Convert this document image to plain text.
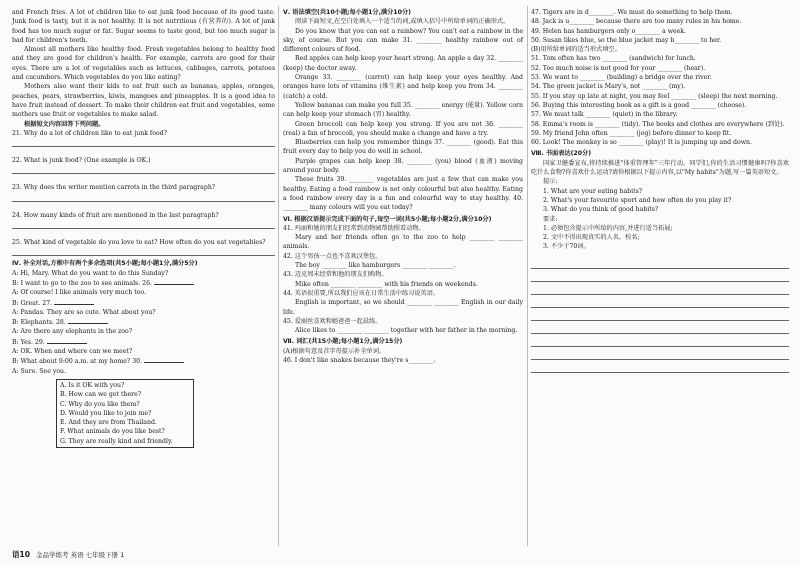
and French fries. A lot of children like to eat junk food because of its good taste. Junk food is tasty, but it is not healthy. It is not nutritious (有营养的). A lot of junk food has too much sugar or fat. Sugar seems to taste good, but too much sugar is bad for children's teeth.

Almost all mothers like healthy food. Fresh vegetables belong to healthy food and they are good for children's health. For example, carrots are good for their eyes. There are a lot of vegetables such as lettuces, cabbages, carrots, potatoes and cucumbers. Which vegetables do you like eating?

Mothers also want their kids to eat fruit such as bananas, apples, oranges, peaches, pears, strawberries, kiwis, mangoes and pineapples. It is a good idea to have fruit instead of dessert. To make their children eat fruit and vegetables, some mothers use fruit or vegetables to make salad.

根据短文内容回答下列问题。

21. Why do a lot of children like to eat junk food?

22. What is junk food? (One example is OK.)

23. Why does the writer mention carrots in the third paragraph?

24. How many kinds of fruit are mentioned in the last paragraph?

25. What kind of vegetable do you love to eat? How often do you eat vegetables?

Ⅳ. 补全对话,方框中有两个多余选项(共5小题;每小题1分,满分5分)

A: Hi, Mary. What do you want to do this Sunday?

B: I want to go to the zoo to see animals. 26.

A: Of course! I like animals very much too.

B: Great. 27.

A: Pandas. They are so cute. What about you?

B: Elephants. 28.

A: Are there any elephants in the zoo?

B: Yes. 29.

A: OK. When and where can we meet?

B: What about 9:00 a.m. at my home? 30.

A: Sure. See you.

A. Is it OK with you?
B. How can we get there?
C. Why do you like them?
D. Would you like to join me?
E. And they are from Thailand.
F. What animals do you like best?
G. They are really kind and friendly.

Ⅴ. 语法填空(共10小题;每小题1分,满分10分)

阅读下面短文,在空白处填入一个适当的词,或填入括号中所给单词的正确形式。

Do you know that you can eat a rainbow? You can't eat a rainbow in the sky, of course. But you can make 31. ________ healthy rainbow out of different colours of food.

Red apples can help keep your heart strong. An apple a day 32. ________ (keep) the doctor away.

Orange 33. ________ (carrot) can help keep your eyes healthy. And oranges have lots of vitamins (维生素) and help keep you from 34. ________ (catch) a cold.

Yellow bananas can make you full 35. ________ energy (能量). Yellow corn can help keep your stomach (胃) healthy.

Green broccoli can help keep you strong. If you are not 36. ________ (real) a fan of broccoli, you should make a change and have a try.

Blueberries can help you remember things 37. ________ (good). Eat this fruit every day to help you do well in school.

Purple grapes can help keep 38. ________ (you) blood (血液) moving around your body.

These fruits 39. ________ vegetables are just a few that can make you healthy. Eating a food rainbow is not only colourful but also healthy. Eating a food rainbow every day is a fun and colourful way to stay healthy. 40. ________ many colours will you eat today?

Ⅵ. 根据汉语提示完成下面的句子,每空一词(共5小题;每小题2分,满分10分)

41. 玛丽和她的朋友们经常到动物园帮助照看动物。

Mary and her friends often go to the zoo to help ________ ________ animals.

42. 这个男孩一点也不喜欢汉堡包。

The boy ________ like hamburgers ________ ________.

43. 迈克周末经常和他的朋友们购物。

Mike often ________ ________ with his friends on weekends.

44. 英语很重要,所以我们应该在日常生活中练习说英语。

English is important, so we should ________ ________ English in our daily life.

45. 爱丽丝喜欢和她爸爸一起晨练。

Alice likes to ________ ________ together with her father in the morning.

Ⅶ. 词汇(共15小题;每小题1分,满分15分)

(A)根据句意及首字母提示补全单词。

46. I don't like snakes because they're s________.

47. Tigers are in d________. We must do something to help them.

48. Jack is u________ because there are too many rules in his home.

49. Helen has hamburgers only o________ a week.

50. Susan likes blue, so the blue jacket may b________ to her.

(B)用所给单词的适当形式填空。

51. Tom often has two ________ (sandwich) for lunch.

52. Too much noise is not good for your ________ (hear).

53. We want to ________ (building) a bridge over the river.

54. The green jacket is Mary's, not ________ (my).

55. If you stay up late at night, you may feel ________ (sleep) the next morning.

56. Buying this interesting book as a gift is a good ________ (choose).

57. We must talk ________ (quiet) in the library.

58. Emma's room is ________ (tidy). The books and clothes are everywhere (到处).

59. My friend John often ________ (jog) before dinner to keep fit.

60. Look! The monkey is so ________ (play)! It is jumping up and down.

Ⅷ. 书面表达(20分)

国家卫健委宣布,将持续推进"体重管理年"三年行动。同学们,你的生活习惯健康吗?你喜欢吃什么食物?你喜欢什么运动?请你根据以下提示内容,以"My habits"为题,写一篇英语短文。

提示:

1. What are your eating habits?

2. What's your favourite sport and how often do you play it?

3. What do you think of good habits?

要求:

1. 必须包含提示中所给的内容,并进行适当拓展;

2. 文中不得出现真实的人名、校名;

3. 不少于70词。

语10 金品学练考 英语 七年级下册 1
